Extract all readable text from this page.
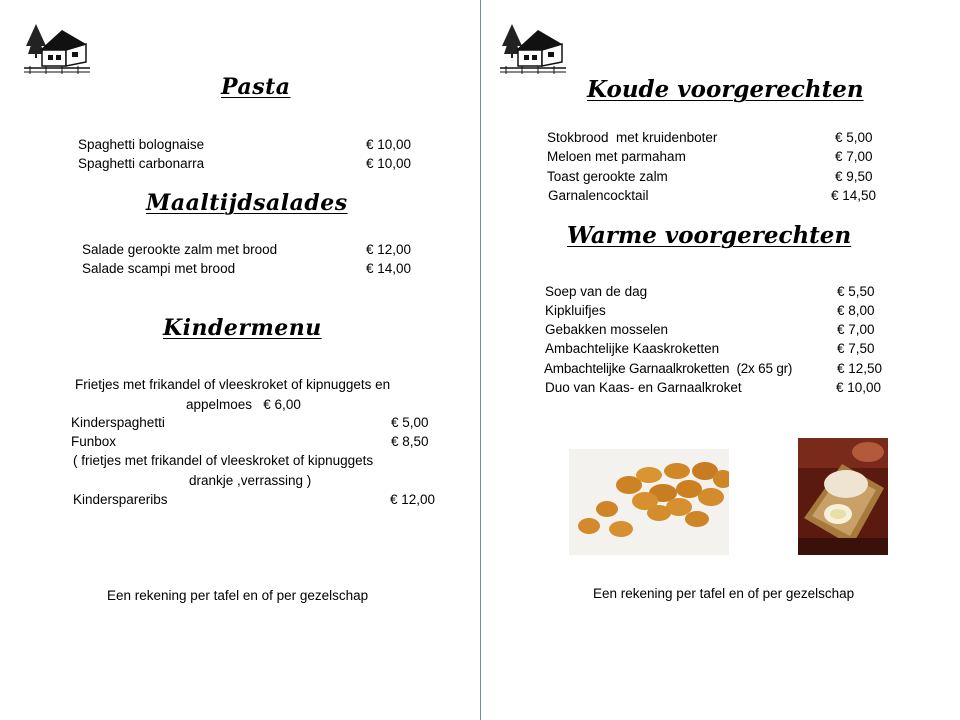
Pasta
Spaghetti bolognaise	€ 10,00
Spaghetti carbonarra	€ 10,00
Maaltijdsalades
Salade gerookte zalm met brood	€ 12,00
Salade scampi met brood	€ 14,00
Kindermenu
Frietjes met frikandel of vleeskroket of kipnuggets en
appelmoes   € 6,00
Kinderspaghetti	€ 5,00
Funbox	€ 8,50
( frietjes met frikandel of vleeskroket of kipnuggets
drankje ,verrassing )
Kinderspareribs	€ 12,00
Een rekening per tafel en of per gezelschap
Koude voorgerechten
Stokbrood  met kruidenboter	€ 5,00
Meloen met parmaham	€ 7,00
Toast gerookte zalm	€ 9,50
Garnalencocktail	€ 14,50
Warme voorgerechten
Soep van de dag	€ 5,50
Kipkluifjes	€ 8,00
Gebakken mosselen	€ 7,00
Ambachtelijke Kaaskroketten	€ 7,50
Ambachtelijke Garnaalkroketten  (2x 65 gr)	€ 12,50
Duo van Kaas- en Garnaalkroket	€ 10,00
Een rekening per tafel en of per gezelschap
